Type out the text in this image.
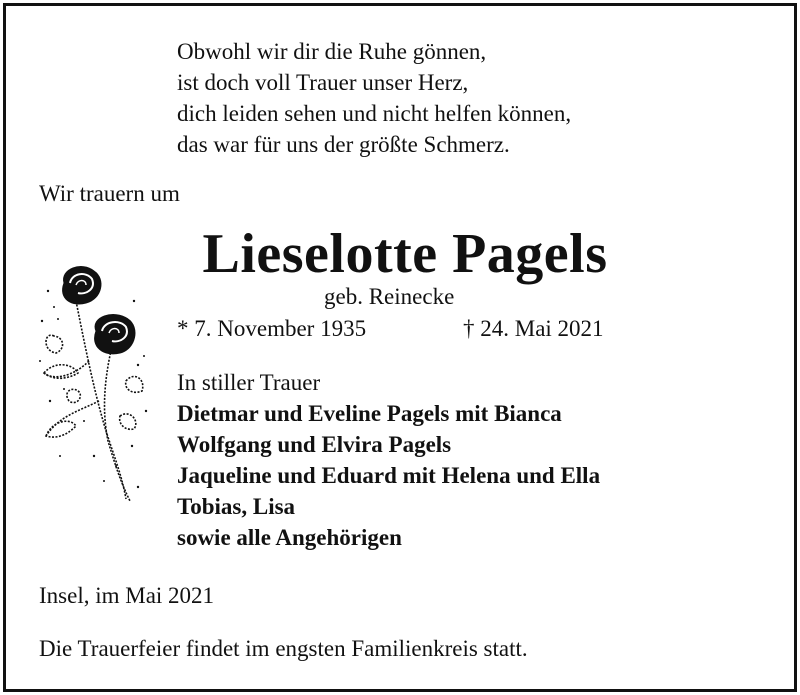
Obwohl wir dir die Ruhe gönnen,
ist doch voll Trauer unser Herz,
dich leiden sehen und nicht helfen können,
das war für uns der größte Schmerz.
Wir trauern um
Lieselotte Pagels
geb. Reinecke
* 7. November 1935	† 24. Mai 2021
In stiller Trauer
Dietmar und Eveline Pagels mit Bianca
Wolfgang und Elvira Pagels
Jaqueline und Eduard mit Helena und Ella
Tobias, Lisa
sowie alle Angehörigen
Insel, im Mai 2021
Die Trauerfeier findet im engsten Familienkreis statt.
